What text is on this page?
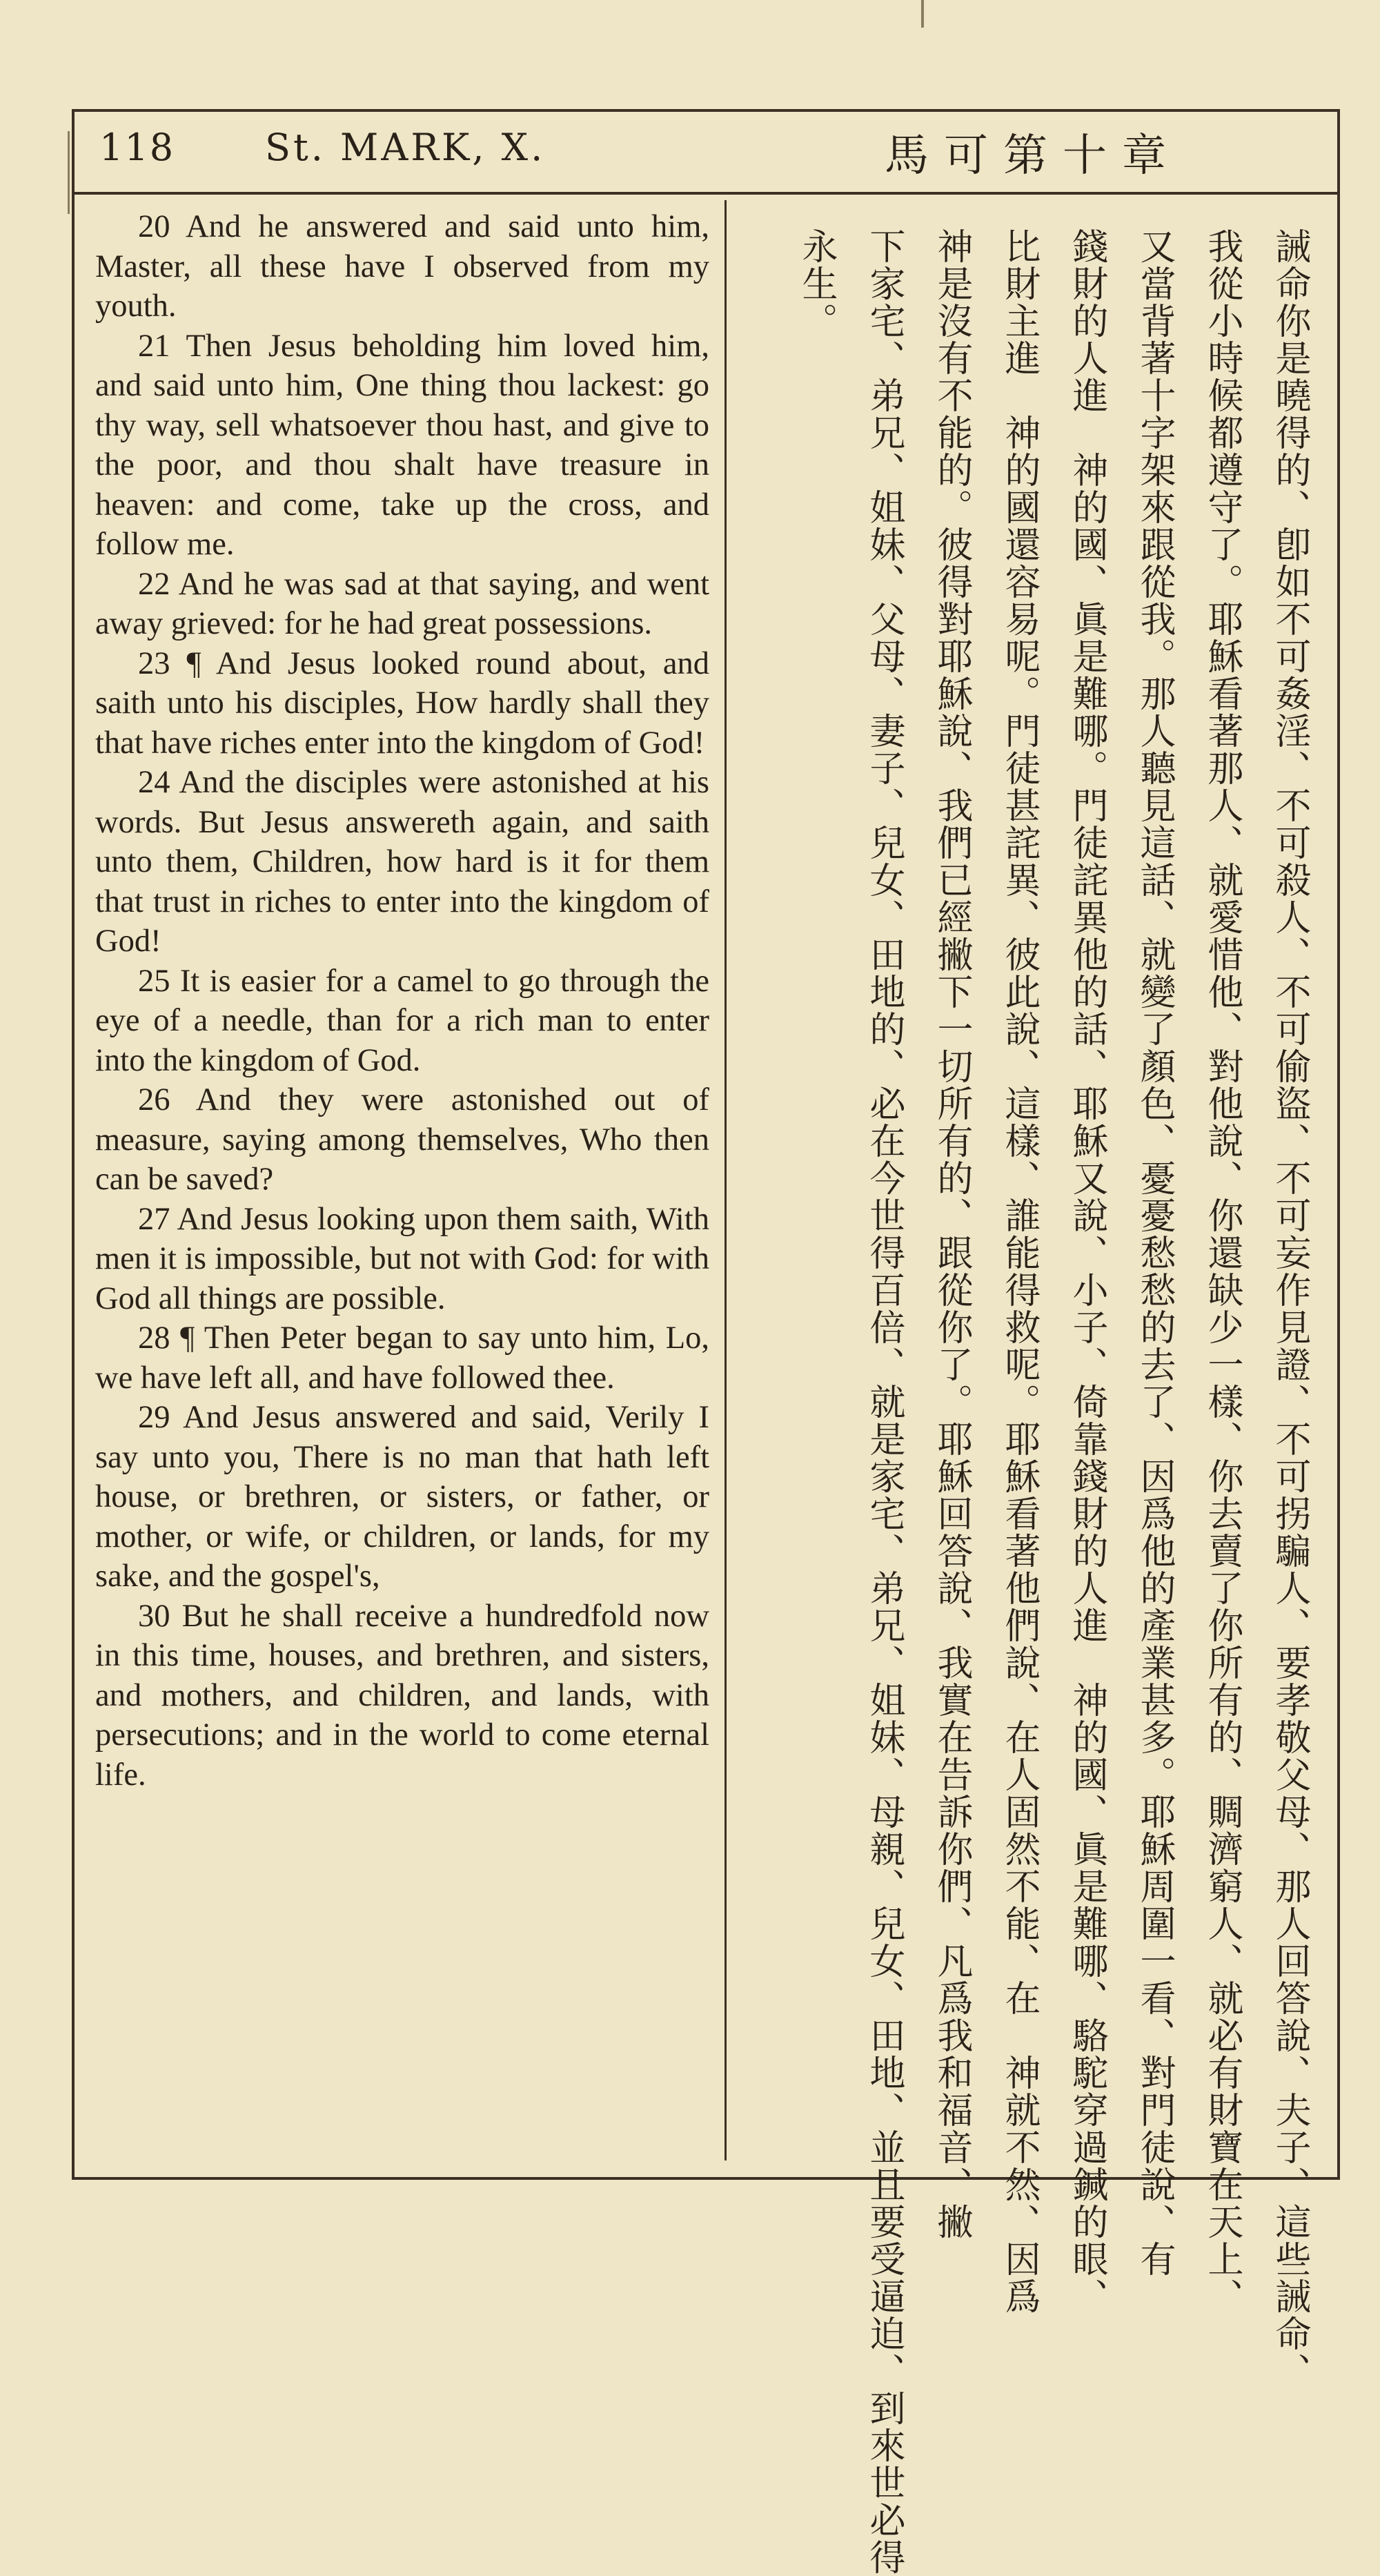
118 St. MARK, X.	馬可第十章

20 And he answered and said unto him, Master, all these have I observed from my youth.

21 Then Jesus beholding him loved him, and said unto him, One thing thou lackest: go thy way, sell whatsoever thou hast, and give to the poor, and thou shalt have treasure in heaven: and come, take up the cross, and follow me.

22 And he was sad at that saying, and went away grieved: for he had great possessions.

23 ¶ And Jesus looked round about, and saith unto his disciples, How hardly shall they that have riches enter into the kingdom of God!

24 And the disciples were astonished at his words. But Jesus answereth again, and saith unto them, Children, how hard is it for them that trust in riches to enter into the kingdom of God!

25 It is easier for a camel to go through the eye of a needle, than for a rich man to enter into the kingdom of God.

26 And they were astonished out of measure, saying among themselves, Who then can be saved?

27 And Jesus looking upon them saith, With men it is impossible, but not with God: for with God all things are possible.

28 ¶ Then Peter began to say unto him, Lo, we have left all, and have followed thee.

29 And Jesus answered and said, Verily I say unto you, There is no man that hath left house, or brethren, or sisters, or father, or mother, or wife, or children, or lands, for my sake, and the gospel's,

30 But he shall receive a hundredfold now in this time, houses, and brethren, and sisters, and mothers, and children, and lands, with persecutions; and in the world to come eternal life.	誡命你是曉得的、卽如不可姦淫、不可殺人、不可偷盜、不可妄作見證、不可拐騙人、要孝敬父母、那人回答說、夫子、這些誡命、
我從小時候都遵守了。耶穌看著那人、就愛惜他、對他說、你還缺少一樣、你去賣了你所有的、賙濟窮人、就必有財寶在天上、
又當背著十字架來跟從我。那人聽見這話、就變了顏色、憂憂愁愁的去了、因爲他的產業甚多。耶穌周圍一看、對門徒說、有
錢財的人進　神的國、眞是難哪。門徒詫異他的話、耶穌又說、小子、倚靠錢財的人進　神的國、眞是難哪、駱駝穿過鍼的眼、
比財主進　神的國還容易呢。門徒甚詫異、彼此說、這樣、誰能得救呢。耶穌看著他們說、在人固然不能、在　神就不然、因爲
神是沒有不能的。彼得對耶穌說、我們已經撇下一切所有的、跟從你了。耶穌回答說、我實在告訴你們、凡爲我和福音、撇
下家宅、弟兄、姐妹、父母、妻子、兒女、田地的、必在今世得百倍、就是家宅、弟兄、姐妹、母親、兒女、田地、並且要受逼迫、到來世必得
永生。
